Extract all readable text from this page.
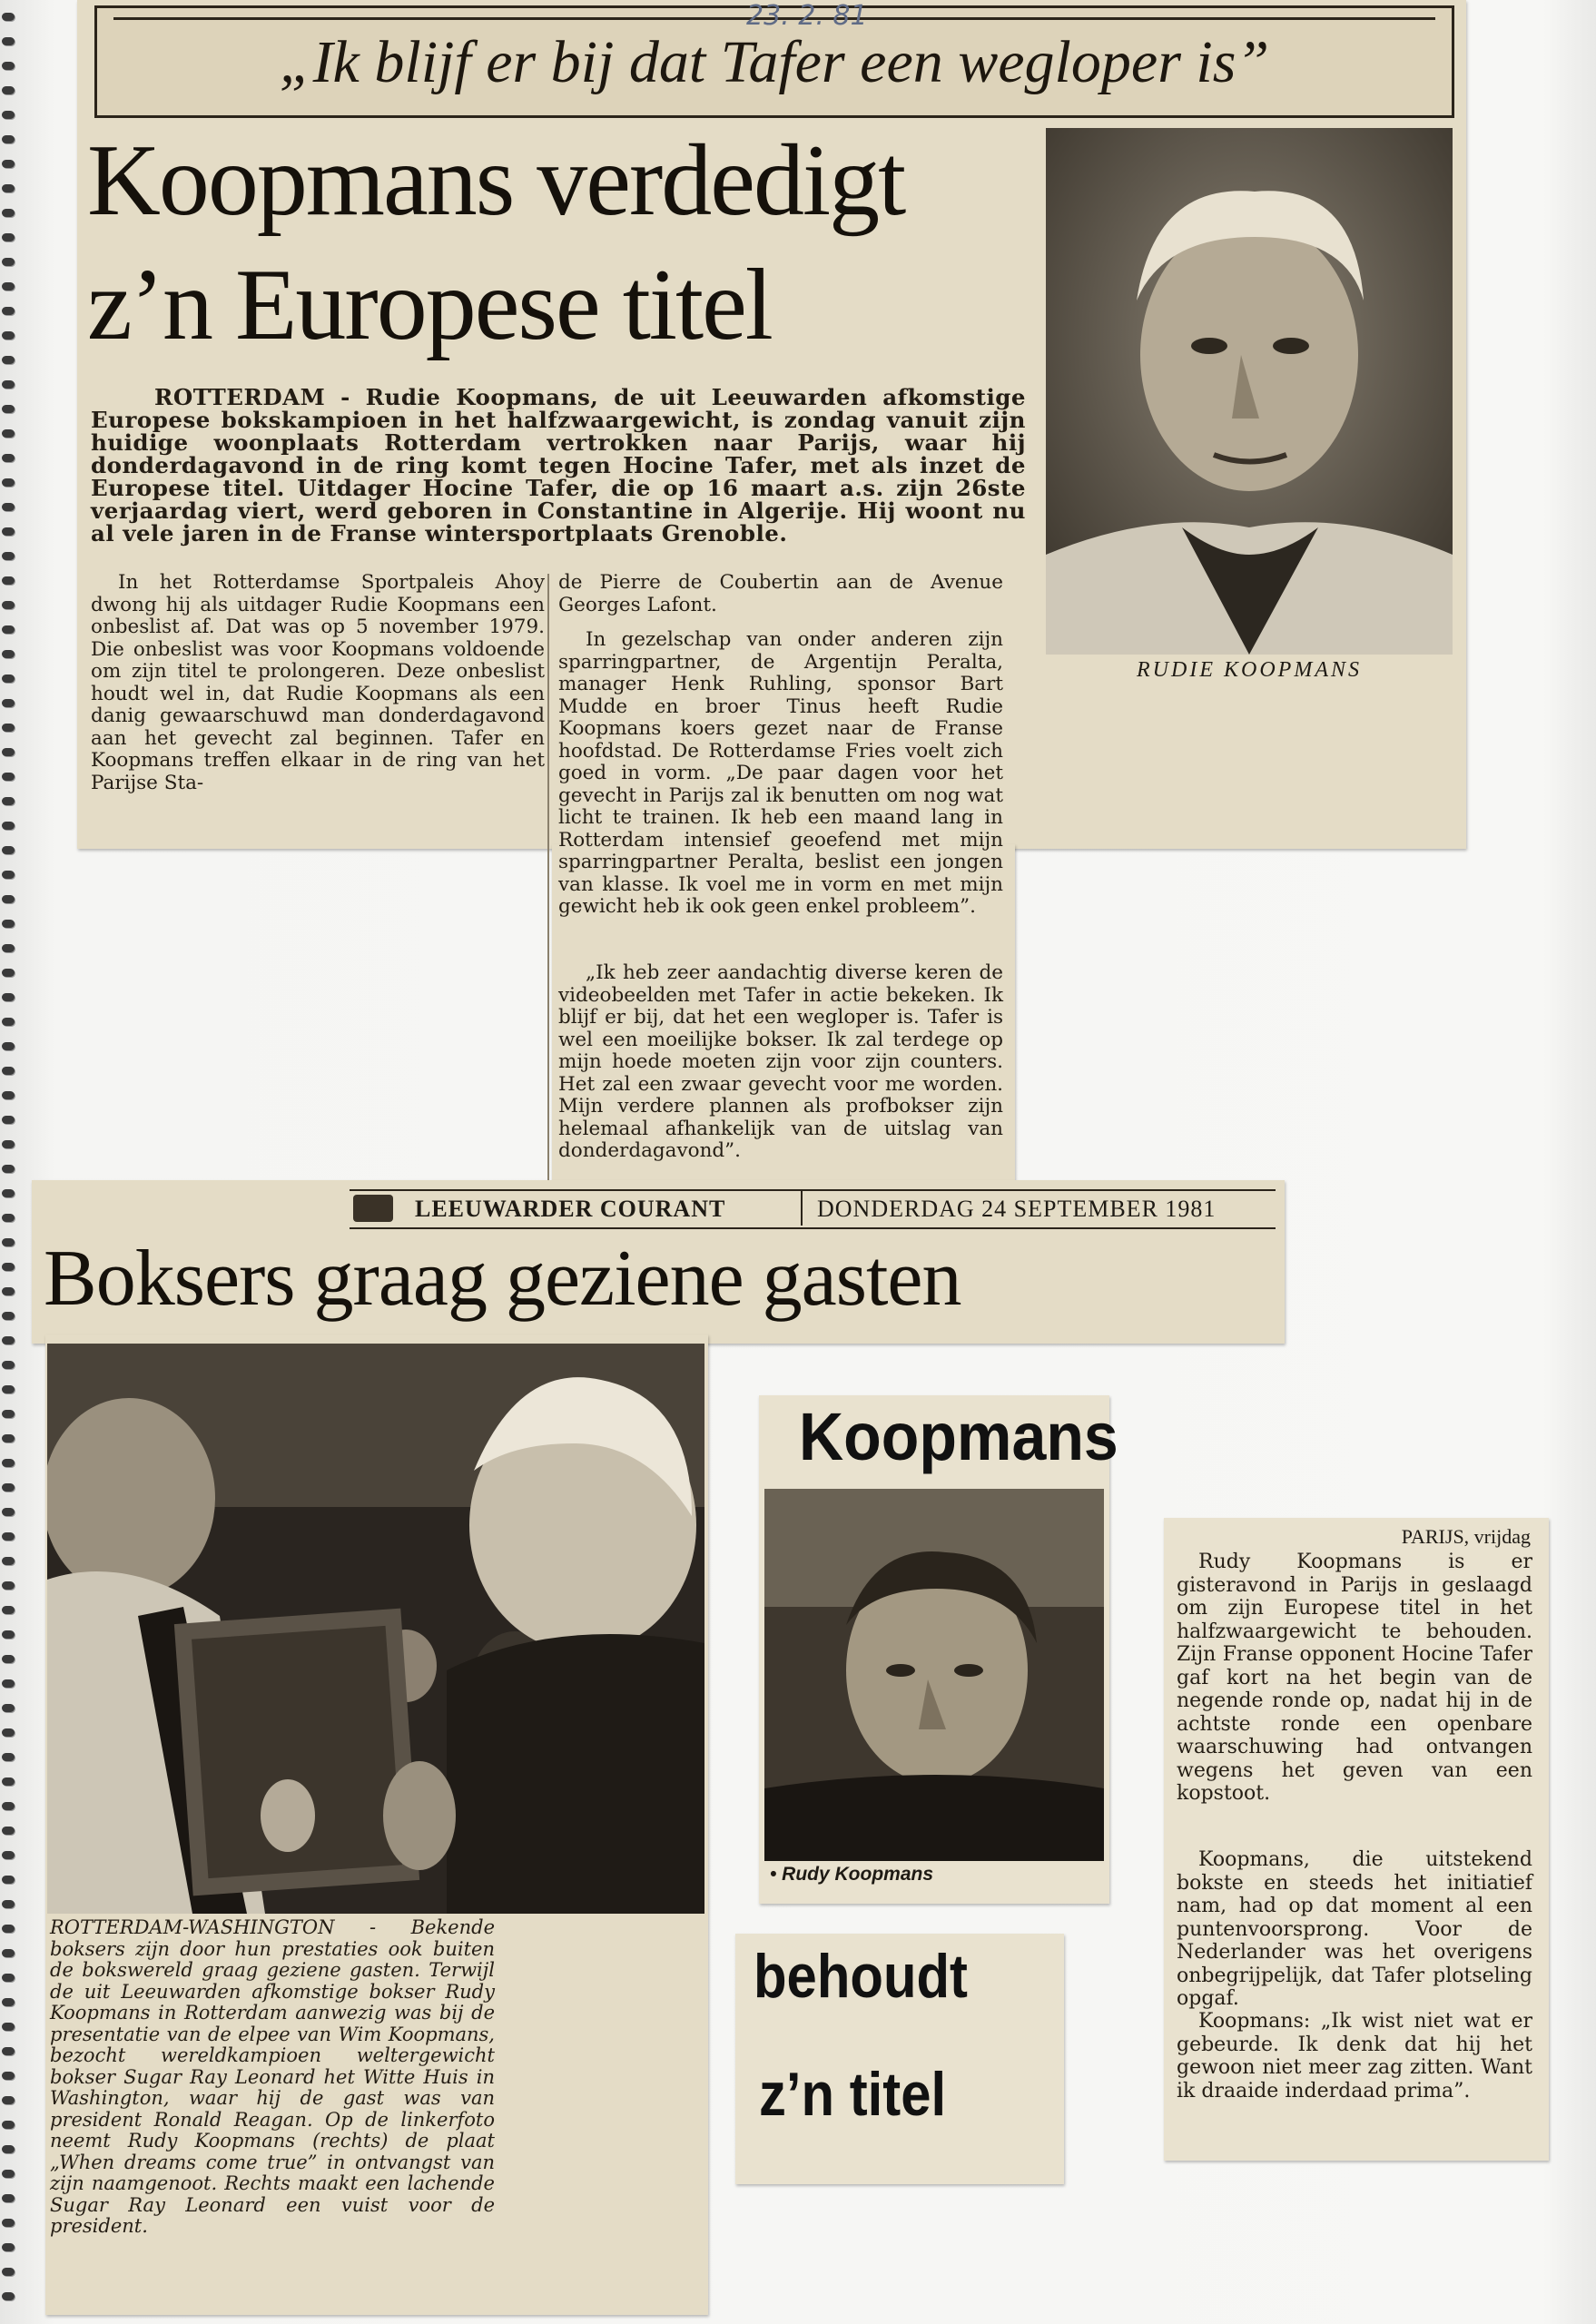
„Ik blijf er bij dat Tafer een wegloper is”
23. 2. 81
Koopmans verdedigt
z’n Europese titel
RUDIE KOOPMANS
ROTTERDAM - Rudie Koopmans, de uit Leeuwarden afkomstige Europese bokskampioen in het halfzwaargewicht, is zondag vanuit zijn huidige woonplaats Rotterdam vertrokken naar Parijs, waar hij donderdagavond in de ring komt tegen Hocine Tafer, met als inzet de Europese titel. Uitdager Hocine Tafer, die op 16 maart a.s. zijn 26ste verjaardag viert, werd geboren in Constantine in Algerije. Hij woont nu al vele jaren in de Franse wintersportplaats Grenoble.
In het Rotterdamse Sportpaleis Ahoy dwong hij als uitdager Rudie Koopmans een onbeslist af. Dat was op 5 november 1979. Die onbeslist was voor Koopmans voldoende om zijn titel te prolongeren. Deze onbeslist houdt wel in, dat Rudie Koopmans als een danig gewaarschuwd man donderdagavond aan het gevecht zal beginnen. Tafer en Koopmans treffen elkaar in de ring van het Parijse Sta-
de Pierre de Coubertin aan de Avenue Georges Lafont.
In gezelschap van onder anderen zijn sparringpartner, de Argentijn Peralta, manager Henk Ruhling, sponsor Bart Mudde en broer Tinus heeft Rudie Koopmans koers gezet naar de Franse hoofdstad. De Rotterdamse Fries voelt zich goed in vorm. „De paar dagen voor het gevecht in Parijs zal ik benutten om nog wat licht te trainen. Ik heb een maand lang in Rotterdam intensief geoefend met mijn sparringpartner Peralta, beslist een jongen van klasse. Ik voel me in vorm en met mijn gewicht heb ik ook geen enkel probleem”.
„Ik heb zeer aandachtig diverse keren de videobeelden met Tafer in actie bekeken. Ik blijf er bij, dat het een wegloper is. Tafer is wel een moeilijke bokser. Ik zal terdege op mijn hoede moeten zijn voor zijn counters. Het zal een zwaar gevecht voor me worden. Mijn verdere plannen als profbokser zijn helemaal afhankelijk van de uitslag van donderdagavond”.
LEEUWARDER COURANT	DONDERDAG 24 SEPTEMBER 1981
Boksers graag geziene gasten
ROTTERDAM-WASHINGTON - Bekende boksers zijn door hun prestaties ook buiten de bokswereld graag geziene gasten. Terwijl de uit Leeuwarden afkomstige bokser Rudy Koopmans in Rotterdam aanwezig was bij de presentatie van de elpee van Wim Koopmans, bezocht wereldkampioen weltergewicht bokser Sugar Ray Leonard het Witte Huis in Washington, waar hij de gast was van president Ronald Reagan. Op de linkerfoto neemt Rudy Koopmans (rechts) de plaat „When dreams come true” in ontvangst van zijn naamgenoot. Rechts maakt een lachende Sugar Ray Leonard een vuist voor de president.
Koopmans
• Rudy Koopmans
behoudt
z’n titel
PARIJS, vrijdag
Rudy Koopmans is er gisteravond in Parijs in geslaagd om zijn Europese titel in het halfzwaargewicht te behouden. Zijn Franse opponent Hocine Tafer gaf kort na het begin van de negende ronde op, nadat hij in de achtste ronde een openbare waarschuwing had ontvangen wegens het geven van een kopstoot.
Koopmans, die uitstekend bokste en steeds het initiatief nam, had op dat moment al een puntenvoorsprong. Voor de Nederlander was het overigens onbegrijpelijk, dat Tafer plotseling opgaf.
Koopmans: „Ik wist niet wat er gebeurde. Ik denk dat hij het gewoon niet meer zag zitten. Want ik draaide inderdaad prima”.
